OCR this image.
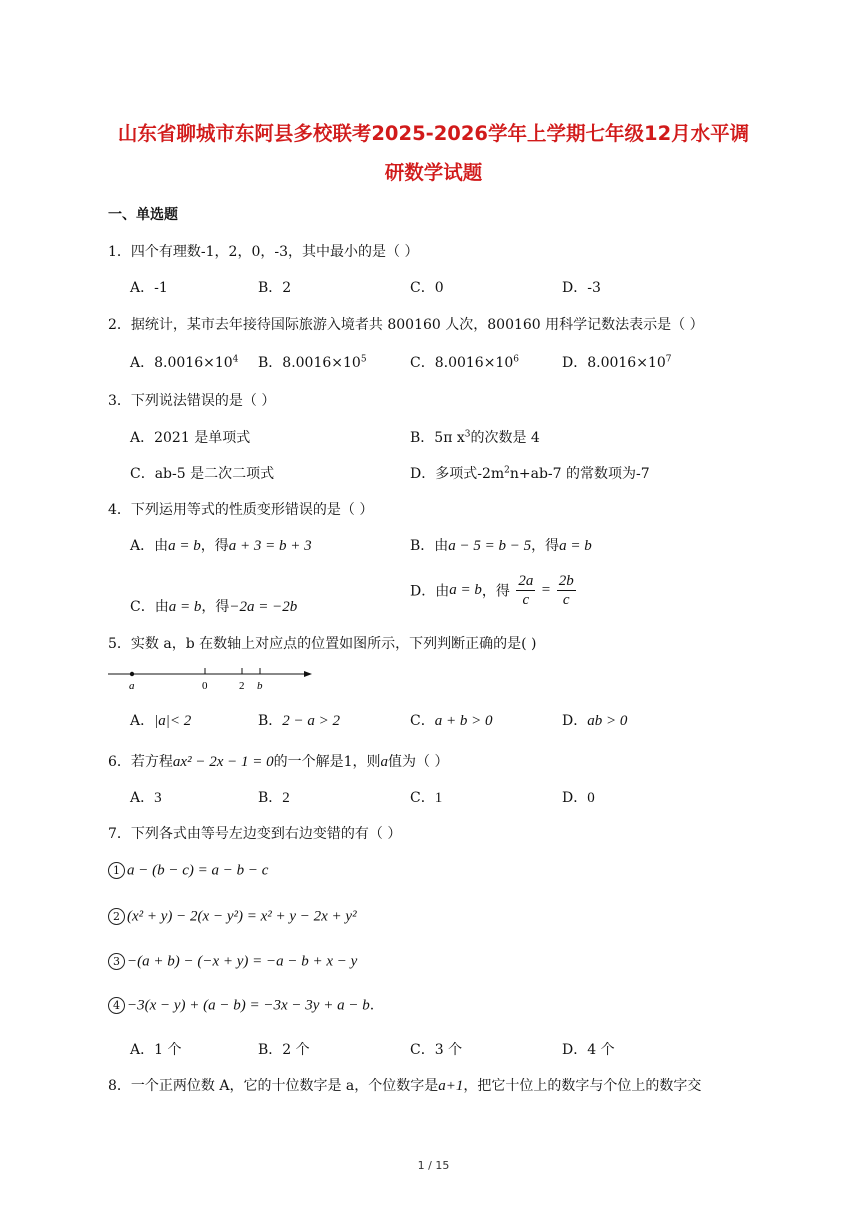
山东省聊城市东阿县多校联考2025-2026学年上学期七年级12月水平调
研数学试题
一、单选题
1．四个有理数-1，2，0，-3，其中最小的是（ ）
A．-1	B．2	C．0	D．-3
2．据统计，某市去年接待国际旅游入境者共 800160 人次，800160 用科学记数法表示是（ ）
A．$8.0016\times 10^4$ B．$8.0016\times 10^5$	C．$8.0016\times 10^6$	D．$8.0016\times 10^7$
3．下列说法错误的是（ ）
A．2021 是单项式	B．5π $x^3$的次数是 4
C．ab-5 是二次二项式	D．多项式$-2m^2n+ab-7$ 的常数项为-7
4．下列运用等式的性质变形错误的是（ ）
A．由a = b，得a + 3 = b + 3	B．由a − 5 = b − 5，得a = b
C．由a = b，得−2a = −2b
D．由a = b，得 $\frac{2a}{c} = \frac{2b}{c}$
5．实数 a，b 在数轴上对应点的位置如图所示，下列判断正确的是( )
a	0	2 b
A．|a|< 2	B．2 − a > 2	C．a + b > 0	D．ab > 0
6．若方程ax² − 2x − 1 = 0的一个解是1，则a值为（ ）
A．3	B．2	C．1	D．0
7．下列各式由等号左边变到右边变错的有（ ）
1 a − (b − c) = a − b − c
2 (x² + y) − 2(x − y²) = x² + y − 2x + y²
3 −(a + b) − (−x + y) = −a − b + x − y
4 −3(x − y) + (a − b) = −3x − 3y + a − b.
A．1 个	B．2 个	C．3 个	D．4 个
8．一个正两位数 A，它的十位数字是 a，个位数字是a+1，把它十位上的数字与个位上的数字交
1 / 15
